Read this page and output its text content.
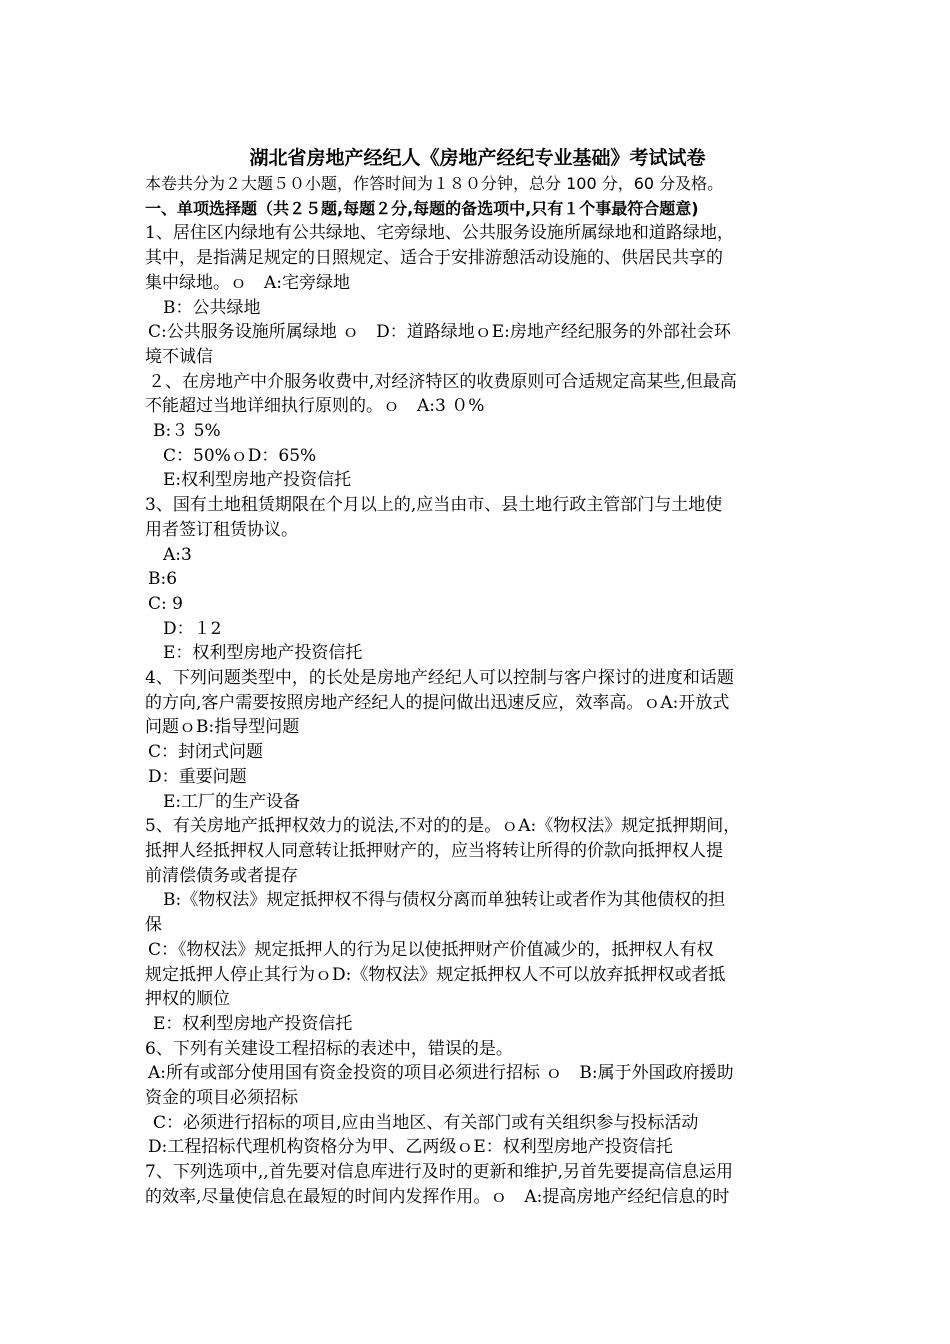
湖北省房地产经纪人《房地产经纪专业基础》考试试卷

本卷共分为２大题５０小题，作答时间为１８０分钟，总分 100 分，60 分及格。

一、单项选择题（共２５题,每题２分,每题的备选项中,只有１个事最符合题意)

1、居住区内绿地有公共绿地、宅旁绿地、公共服务设施所属绿地和道路绿地，

其中，是指满足规定的日照规定、适合于安排游憩活动设施的、供居民共享的

集中绿地。ｏ　A:宅旁绿地

B：公共绿地

C:公共服务设施所属绿地 ｏ　D：道路绿地ｏE:房地产经纪服务的外部社会环

境不诚信

２、在房地产中介服务收费中,对经济特区的收费原则可合适规定高某些,但最高

不能超过当地详细执行原则的。ｏ　A:3 ０%

B:３ 5%

C：50%ｏD：65%

E:权利型房地产投资信托

3、国有土地租赁期限在个月以上的,应当由市、县土地行政主管部门与土地使

用者签订租赁协议。

A:3

B:6

C: 9

D：１2

E：权利型房地产投资信托

4、下列问题类型中，的长处是房地产经纪人可以控制与客户探讨的进度和话题

的方向,客户需要按照房地产经纪人的提问做出迅速反应，效率高。ｏA:开放式

问题ｏB:指导型问题

C：封闭式问题

D：重要问题

E:工厂的生产设备

5、有关房地产抵押权效力的说法,不对的的是。ｏA:《物权法》规定抵押期间，

抵押人经抵押权人同意转让抵押财产的，应当将转让所得的价款向抵押权人提

前清偿债务或者提存

B:《物权法》规定抵押权不得与债权分离而单独转让或者作为其他债权的担

保

C：《物权法》规定抵押人的行为足以使抵押财产价值减少的，抵押权人有权

规定抵押人停止其行为ｏD:《物权法》规定抵押权人不可以放弃抵押权或者抵

押权的顺位

E：权利型房地产投资信托

6、下列有关建设工程招标的表述中，错误的是。

A:所有或部分使用国有资金投资的项目必须进行招标 ｏ　B:属于外国政府援助

资金的项目必须招标

C：必须进行招标的项目,应由当地区、有关部门或有关组织参与投标活动

D:工程招标代理机构资格分为甲、乙两级ｏE：权利型房地产投资信托

7、下列选项中,,首先要对信息库进行及时的更新和维护,另首先要提高信息运用

的效率,尽量使信息在最短的时间内发挥作用。ｏ　A:提高房地产经纪信息的时
